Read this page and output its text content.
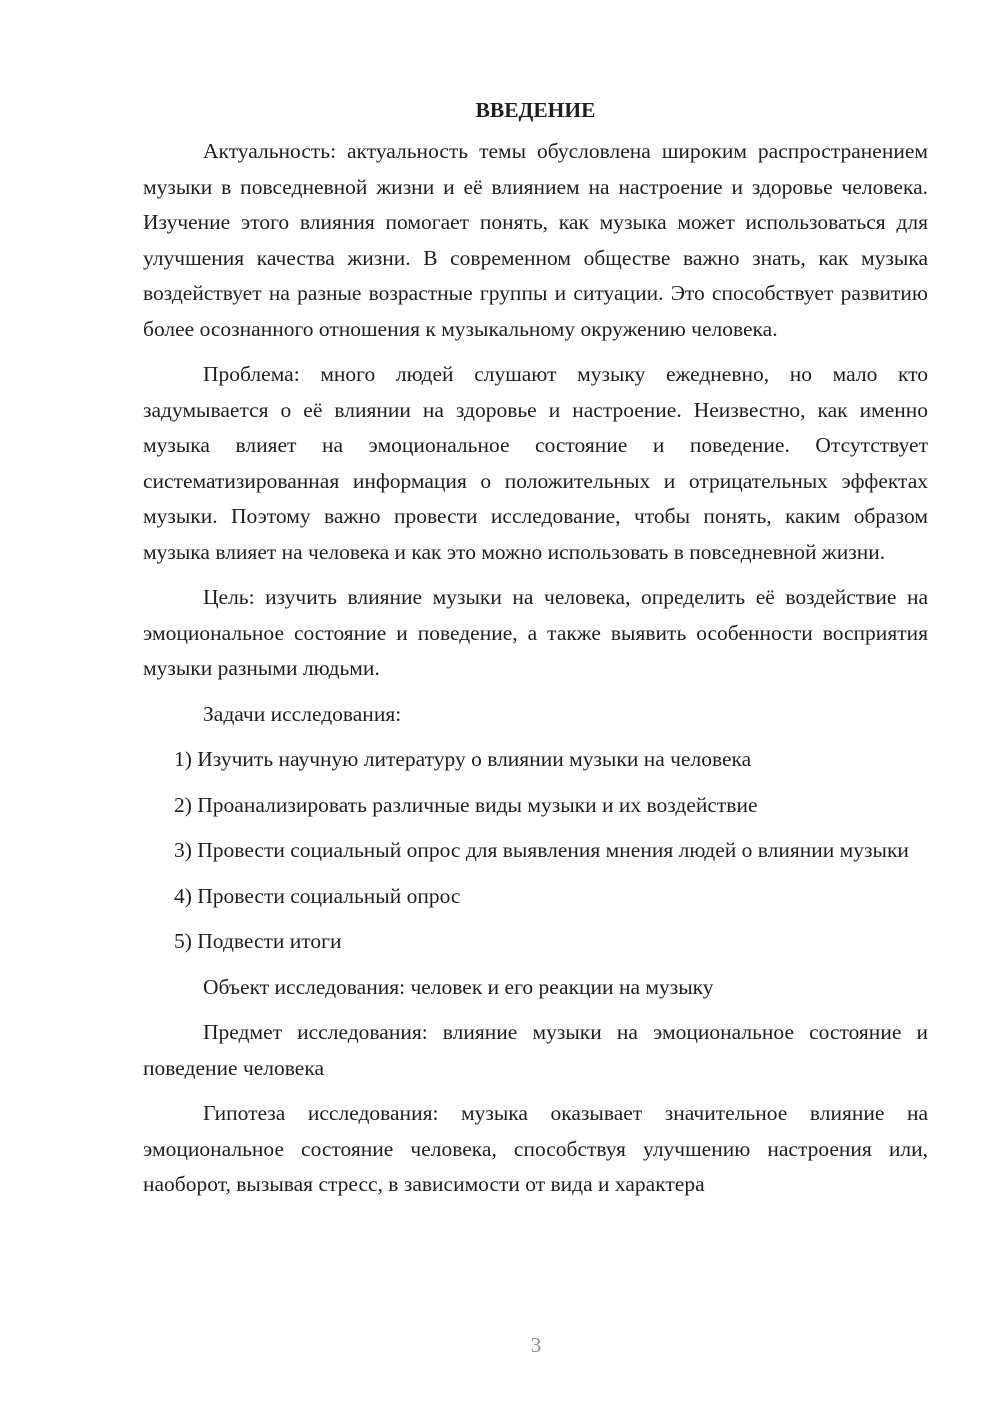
ВВЕДЕНИЕ

Актуальность: актуальность темы обусловлена широким распространением музыки в повседневной жизни и её влиянием на настроение и здоровье человека. Изучение этого влияния помогает понять, как музыка может использоваться для улучшения качества жизни. В современном обществе важно знать, как музыка воздействует на разные возрастные группы и ситуации. Это способствует развитию более осознанного отношения к музыкальному окружению человека.

Проблема: много людей слушают музыку ежедневно, но мало кто задумывается о её влиянии на здоровье и настроение. Неизвестно, как именно музыка влияет на эмоциональное состояние и поведение. Отсутствует систематизированная информация о положительных и отрицательных эффектах музыки. Поэтому важно провести исследование, чтобы понять, каким образом музыка влияет на человека и как это можно использовать в повседневной жизни.

Цель: изучить влияние музыки на человека, определить её воздействие на эмоциональное состояние и поведение, а также выявить особенности восприятия музыки разными людьми.

Задачи исследования:

1) Изучить научную литературу о влиянии музыки на человека

2) Проанализировать различные виды музыки и их воздействие

3) Провести социальный опрос для выявления мнения людей о влиянии музыки

4) Провести социальный опрос

5) Подвести итоги

Объект исследования: человек и его реакции на музыку

Предмет исследования: влияние музыки на эмоциональное состояние и поведение человека

Гипотеза исследования: музыка оказывает значительное влияние на эмоциональное состояние человека, способствуя улучшению настроения или, наоборот, вызывая стресс, в зависимости от вида и характера

3
